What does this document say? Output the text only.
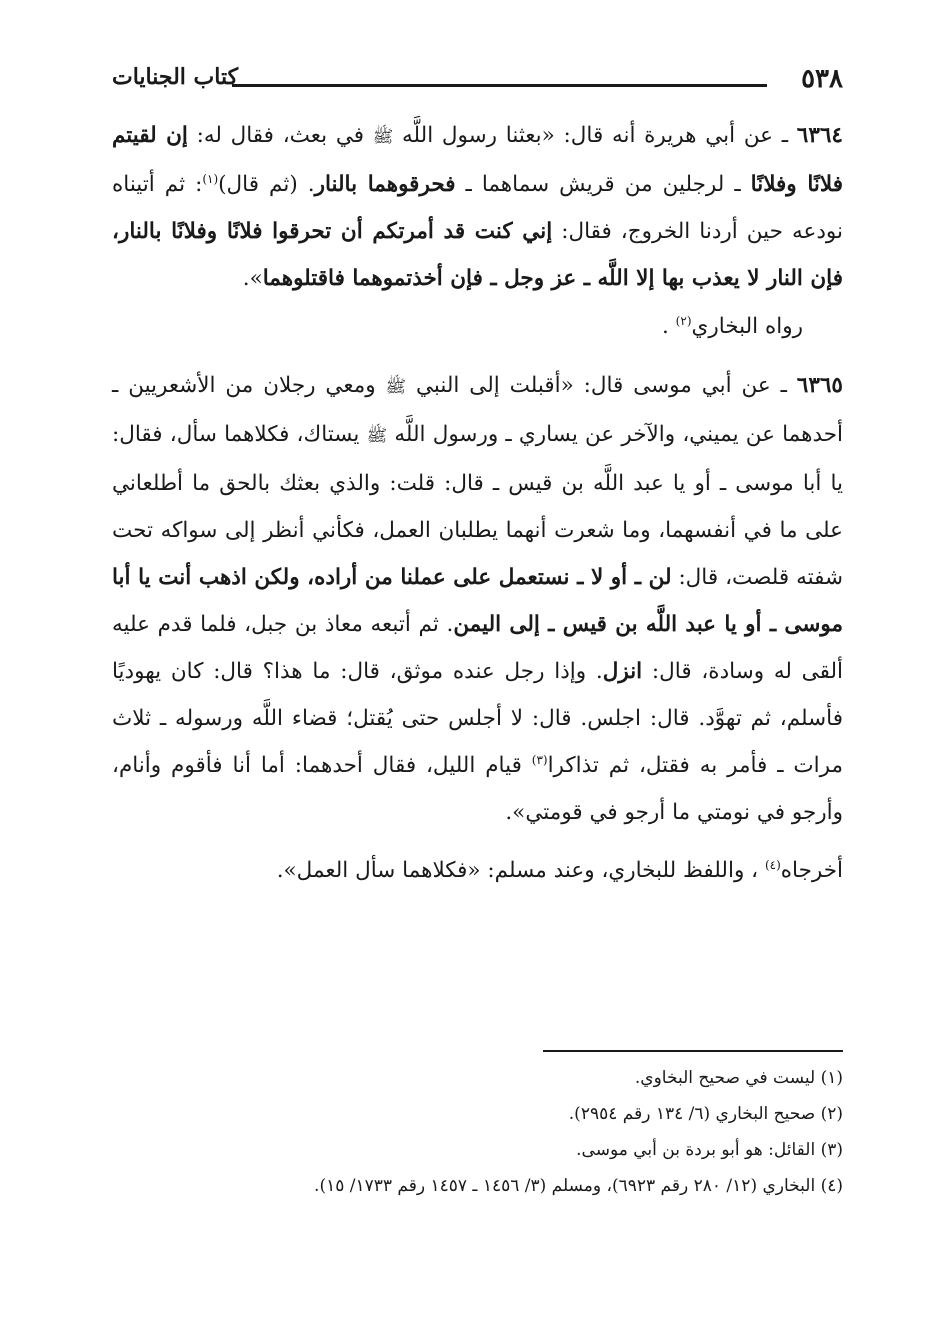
٥٣٨
كتاب الجنايات

٦٣٦٤ ـ عن أبي هريرة أنه قال: «بعثنا رسول اللَّه ﷺ في بعث، فقال له: إن لقيتم فلانًا وفلانًا ـ لرجلين من قريش سماهما ـ فحرقوهما بالنار. (ثم قال)$^{(١)}$: ثم أتيناه نودعه حين أردنا الخروج، فقال: إني كنت قد أمرتكم أن تحرقوا فلانًا وفلانًا بالنار، فإن النار لا يعذب بها إلا اللَّه ـ عز وجل ـ فإن أخذتموهما فاقتلوهما».

رواه البخاري$^{(٢)}$ .

٦٣٦٥ ـ عن أبي موسى قال: «أقبلت إلى النبي ﷺ ومعي رجلان من الأشعريين ـ أحدهما عن يميني، والآخر عن يساري ـ ورسول اللَّه ﷺ يستاك، فكلاهما سأل، فقال: يا أبا موسى ـ أو يا عبد اللَّه بن قيس ـ قال: قلت: والذي بعثك بالحق ما أطلعاني على ما في أنفسهما، وما شعرت أنهما يطلبان العمل، فكأني أنظر إلى سواكه تحت شفته قلصت، قال: لن ـ أو لا ـ نستعمل على عملنا من أراده، ولكن اذهب أنت يا أبا موسى ـ أو يا عبد اللَّه بن قيس ـ إلى اليمن. ثم أتبعه معاذ بن جبل، فلما قدم عليه ألقى له وسادة، قال: انزل. وإذا رجل عنده موثق، قال: ما هذا؟ قال: كان يهوديًا فأسلم، ثم تهوَّد. قال: اجلس. قال: لا أجلس حتى يُقتل؛ قضاء اللَّه ورسوله ـ ثلاث مرات ـ فأمر به فقتل، ثم تذاكرا$^{(٣)}$ قيام الليل، فقال أحدهما: أما أنا فأقوم وأنام، وأرجو في نومتي ما أرجو في قومتي».

أخرجاه$^{(٤)}$ ، واللفظ للبخاري، وعند مسلم: «فكلاهما سأل العمل».

(١) ليست في صحيح البخاوي.

(٢) صحيح البخاري (٦/ ١٣٤ رقم ٢٩٥٤).

(٣) القائل: هو أبو بردة بن أبي موسى.

(٤) البخاري (١٢/ ٢٨٠ رقم ٦٩٢٣)، ومسلم (٣/ ١٤٥٦ ـ ١٤٥٧ رقم ١٧٣٣/ ١٥).
